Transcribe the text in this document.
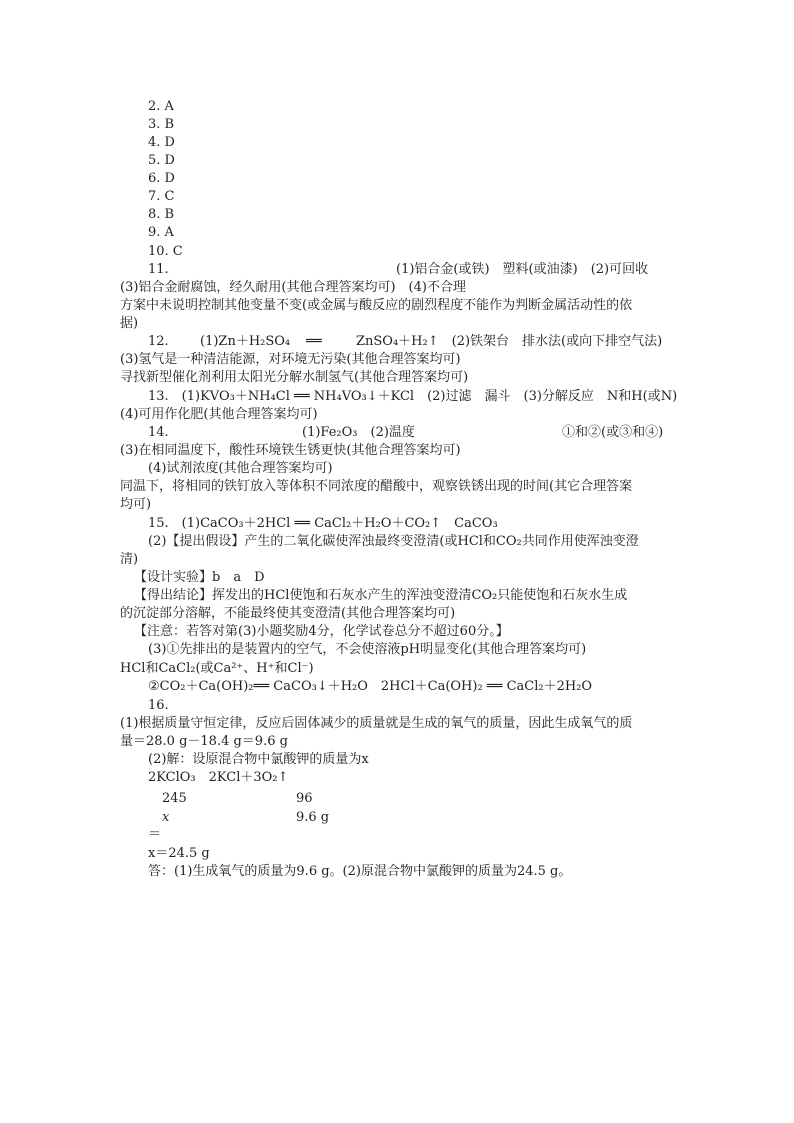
2. A
3. B
4. D
5. D
6. D
7. C
8. B
9. A
10. C
11.	(1)铝合金(或铁)　塑料(或油漆)　(2)可回收
(3)铝合金耐腐蚀，经久耐用(其他合理答案均可)　(4)不合理
方案中未说明控制其他变量不变(或金属与酸反应的剧烈程度不能作为判断金属活动性的依
据)
12. (1)Zn＋H₂SO₄ ══	ZnSO₄＋H₂↑　(2)铁架台　排水法(或向下排空气法)
(3)氢气是一种清洁能源，对环境无污染(其他合理答案均可)
寻找新型催化剂利用太阳光分解水制氢气(其他合理答案均可)
13.　(1)KVO₃＋NH₄Cl ══ NH₄VO₃↓＋KCl　(2)过滤　漏斗　(3)分解反应　N和H(或N)
(4)可用作化肥(其他合理答案均可)
14.	(1)Fe₂O₃　(2)温度	①和②(或③和④)
(3)在相同温度下，酸性环境铁生锈更快(其他合理答案均可)
(4)试剂浓度(其他合理答案均可)
同温下，将相同的铁钉放入等体积不同浓度的醋酸中，观察铁锈出现的时间(其它合理答案
均可)
15.　(1)CaCO₃＋2HCl ══ CaCl₂＋H₂O＋CO₂↑　CaCO₃
(2)【提出假设】产生的二氧化碳使浑浊最终变澄清(或HCl和CO₂共同作用使浑浊变澄
清)
【设计实验】b　a　D
【得出结论】挥发出的HCl使饱和石灰水产生的浑浊变澄清CO₂只能使饱和石灰水生成
的沉淀部分溶解，不能最终使其变澄清(其他合理答案均可)
【注意：若答对第(3)小题奖励4分，化学试卷总分不超过60分。】
(3)①先排出的是装置内的空气，不会使溶液pH明显变化(其他合理答案均可)
HCl和CaCl₂(或Ca²⁺、H⁺和Cl⁻)
②CO₂＋Ca(OH)₂══ CaCO₃↓＋H₂O　2HCl＋Ca(OH)₂ ══ CaCl₂＋2H₂O
16.
(1)根据质量守恒定律，反应后固体减少的质量就是生成的氧气的质量，因此生成氧气的质
量＝28.0 g－18.4 g＝9.6 g
(2)解：设原混合物中氯酸钾的质量为x
2KClO₃　2KCl＋3O₂↑
245	96
x	9.6 g
＝
x＝24.5 g
答：(1)生成氧气的质量为9.6 g。(2)原混合物中氯酸钾的质量为24.5 g。
